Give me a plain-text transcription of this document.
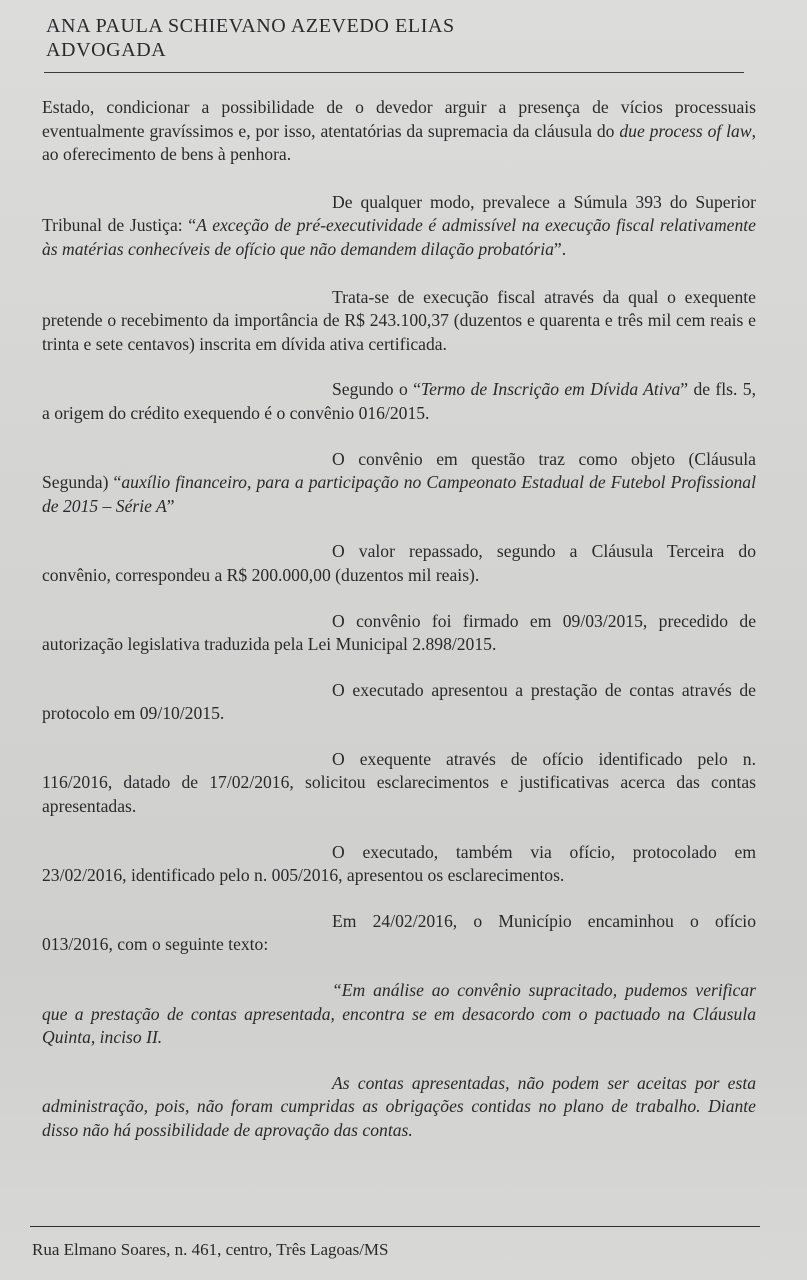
ANA PAULA SCHIEVANO AZEVEDO ELIAS
ADVOGADA

Estado, condicionar a possibilidade de o devedor arguir a presença de vícios processuais eventualmente gravíssimos e, por isso, atentatórias da supremacia da cláusula do due process of law, ao oferecimento de bens à penhora.

De qualquer modo, prevalece a Súmula 393 do Superior Tribunal de Justiça: “A exceção de pré-executividade é admissível na execução fiscal relativamente às matérias conhecíveis de ofício que não demandem dilação probatória”.

Trata-se de execução fiscal através da qual o exequente pretende o recebimento da importância de R$ 243.100,37 (duzentos e quarenta e três mil cem reais e trinta e sete centavos) inscrita em dívida ativa certificada.

Segundo o “Termo de Inscrição em Dívida Ativa” de fls. 5, a origem do crédito exequendo é o convênio 016/2015.

O convênio em questão traz como objeto (Cláusula Segunda) “auxílio financeiro, para a participação no Campeonato Estadual de Futebol Profissional de 2015 – Série A”

O valor repassado, segundo a Cláusula Terceira do convênio, correspondeu a R$ 200.000,00 (duzentos mil reais).

O convênio foi firmado em 09/03/2015, precedido de autorização legislativa traduzida pela Lei Municipal 2.898/2015.

O executado apresentou a prestação de contas através de protocolo em 09/10/2015.

O exequente através de ofício identificado pelo n. 116/2016, datado de 17/02/2016, solicitou esclarecimentos e justificativas acerca das contas apresentadas.

O executado, também via ofício, protocolado em 23/02/2016, identificado pelo n. 005/2016, apresentou os esclarecimentos.

Em 24/02/2016, o Município encaminhou o ofício 013/2016, com o seguinte texto:

“Em análise ao convênio supracitado, pudemos verificar que a prestação de contas apresentada, encontra se em desacordo com o pactuado na Cláusula Quinta, inciso II.

As contas apresentadas, não podem ser aceitas por esta administração, pois, não foram cumpridas as obrigações contidas no plano de trabalho. Diante disso não há possibilidade de aprovação das contas.

Rua Elmano Soares, n. 461, centro, Três Lagoas/MS
